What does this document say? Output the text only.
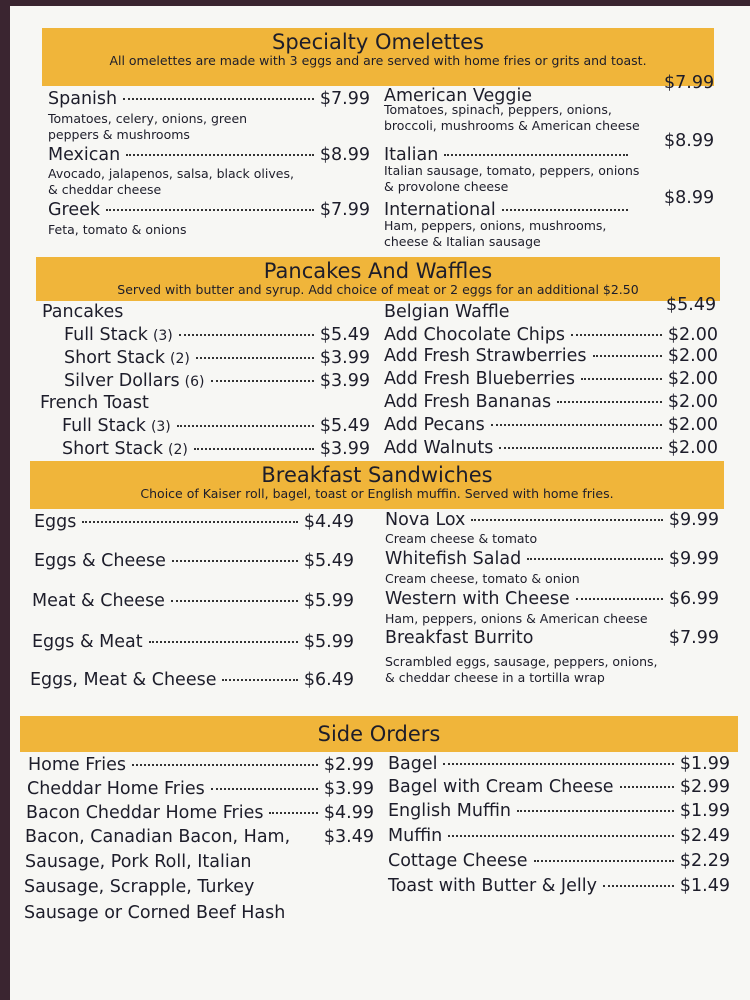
Specialty Omelettes
All omelettes are made with 3 eggs and are served with home fries or grits and toast.
Spanish	$7.99
Tomatoes, celery, onions, green
peppers & mushrooms
Mexican	$8.99
Avocado, jalapenos, salsa, black olives,
& cheddar cheese
Greek	$7.99
Feta, tomato & onions
American Veggie
$7.99
Tomatoes, spinach, peppers, onions,
broccoli, mushrooms & American cheese
Italian
$8.99
Italian sausage, tomato, peppers, onions
& provolone cheese
International
$8.99
Ham, peppers, onions, mushrooms,
cheese & Italian sausage
Pancakes And Waffles
Served with butter and syrup. Add choice of meat or 2 eggs for an additional $2.50
Pancakes
Full Stack (3)	$5.49
Short Stack (2)	$3.99
Silver Dollars (6)	$3.99
French Toast
Full Stack (3)	$5.49
Short Stack (2)	$3.99
Belgian Waffle	$5.49
Add Chocolate Chips	$2.00
Add Fresh Strawberries	$2.00
Add Fresh Blueberries	$2.00
Add Fresh Bananas	$2.00
Add Pecans	$2.00
Add Walnuts	$2.00
Breakfast Sandwiches
Choice of Kaiser roll, bagel, toast or English muffin. Served with home fries.
Eggs	$4.49
Eggs & Cheese	$5.49
Meat & Cheese	$5.99
Eggs & Meat	$5.99
Eggs, Meat & Cheese	$6.49
Nova Lox	$9.99
Cream cheese & tomato
Whitefish Salad	$9.99
Cream cheese, tomato & onion
Western with Cheese	$6.99
Ham, peppers, onions & American cheese
Breakfast Burrito	$7.99
Scrambled eggs, sausage, peppers, onions,
& cheddar cheese in a tortilla wrap
Side Orders
Home Fries	$2.99
Cheddar Home Fries	$3.99
Bacon Cheddar Home Fries	$4.99
Bacon, Canadian Bacon, Ham, $3.49
Sausage, Pork Roll, Italian
Sausage, Scrapple, Turkey
Sausage or Corned Beef Hash
Bagel	$1.99
Bagel with Cream Cheese	$2.99
English Muffin	$1.99
Muffin	$2.49
Cottage Cheese	$2.29
Toast with Butter & Jelly	$1.49
